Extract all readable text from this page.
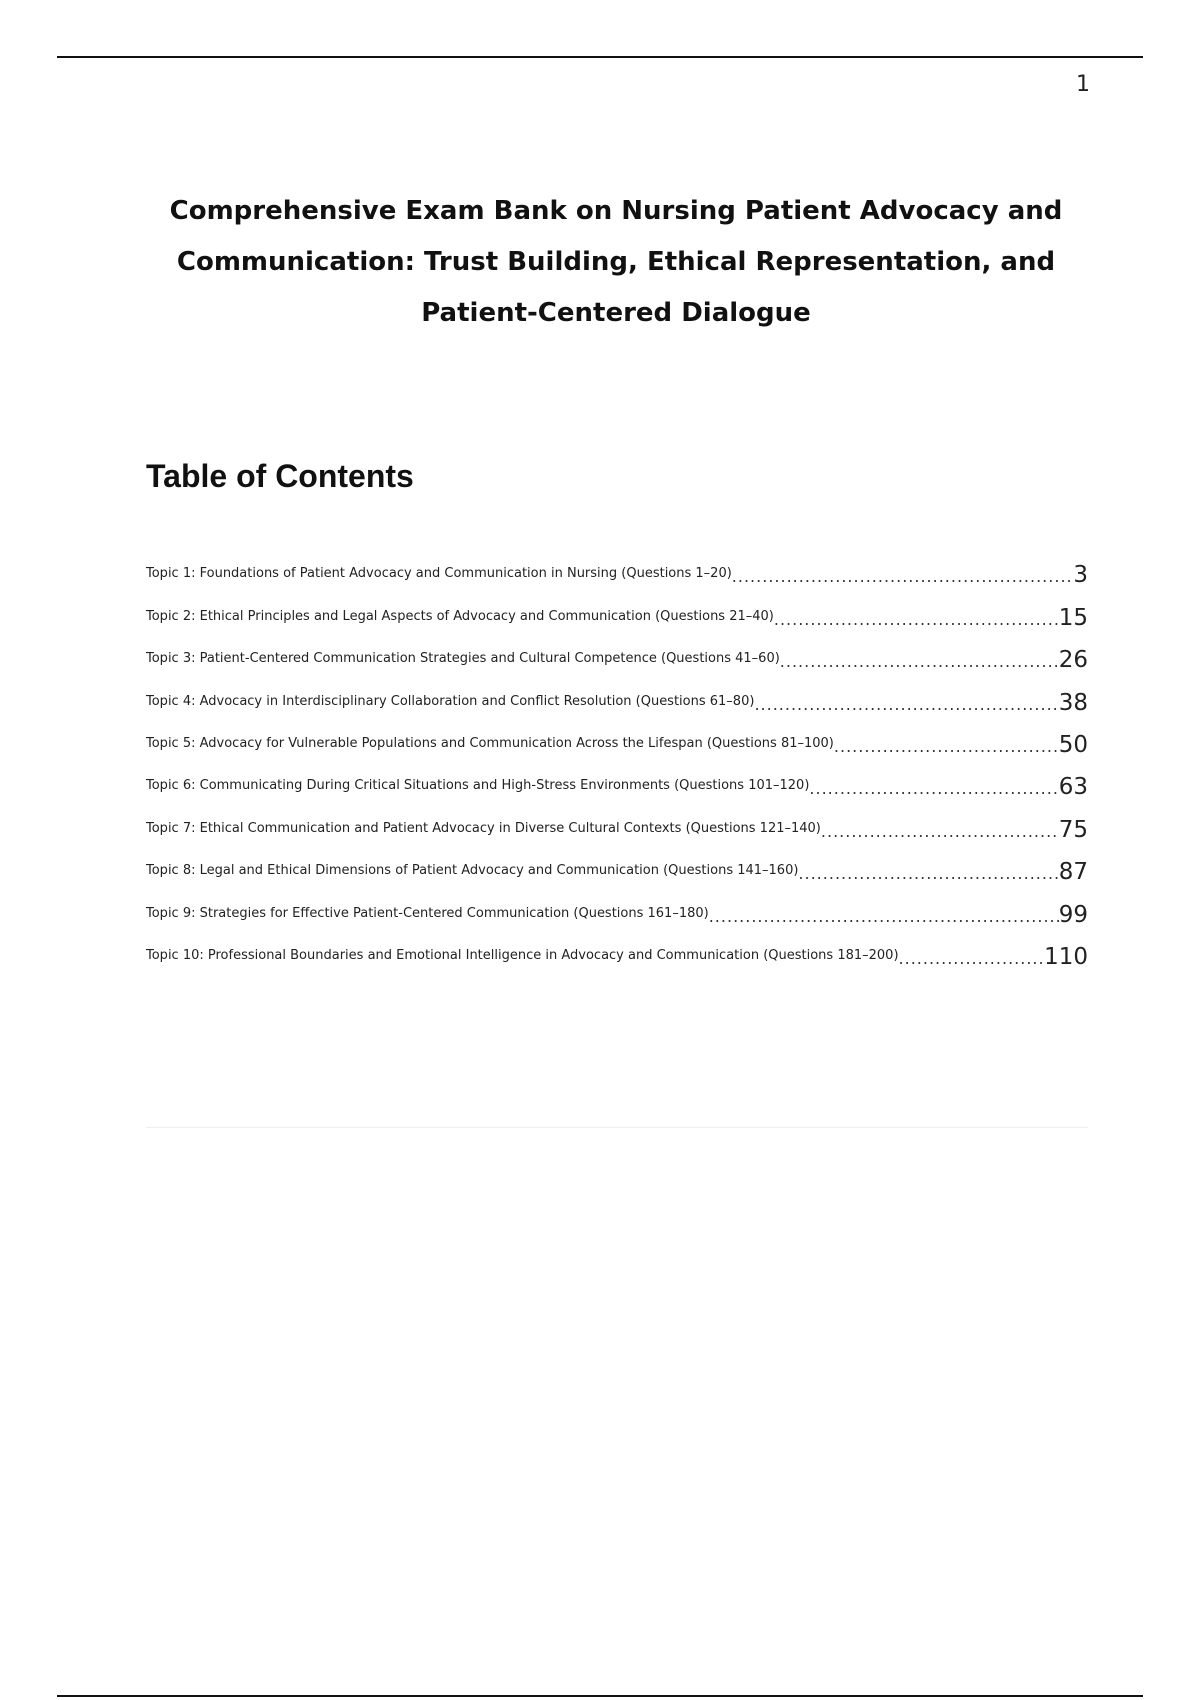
1
Comprehensive Exam Bank on Nursing Patient Advocacy and
Communication: Trust Building, Ethical Representation, and
Patient-Centered Dialogue
Table of Contents
Topic 1: Foundations of Patient Advocacy and Communication in Nursing (Questions 1–20) .....	3
Topic 2: Ethical Principles and Legal Aspects of Advocacy and Communication (Questions 21–40) .....	15
Topic 3: Patient-Centered Communication Strategies and Cultural Competence (Questions 41–60) .....	26
Topic 4: Advocacy in Interdisciplinary Collaboration and Conflict Resolution (Questions 61–80) .....	38
Topic 5: Advocacy for Vulnerable Populations and Communication Across the Lifespan (Questions 81–100) .....	50
Topic 6: Communicating During Critical Situations and High-Stress Environments (Questions 101–120) .....	63
Topic 7: Ethical Communication and Patient Advocacy in Diverse Cultural Contexts (Questions 121–140) .....	75
Topic 8: Legal and Ethical Dimensions of Patient Advocacy and Communication (Questions 141–160) .....	87
Topic 9: Strategies for Effective Patient-Centered Communication (Questions 161–180) .....	99
Topic 10: Professional Boundaries and Emotional Intelligence in Advocacy and Communication (Questions 181–200) .....	110
